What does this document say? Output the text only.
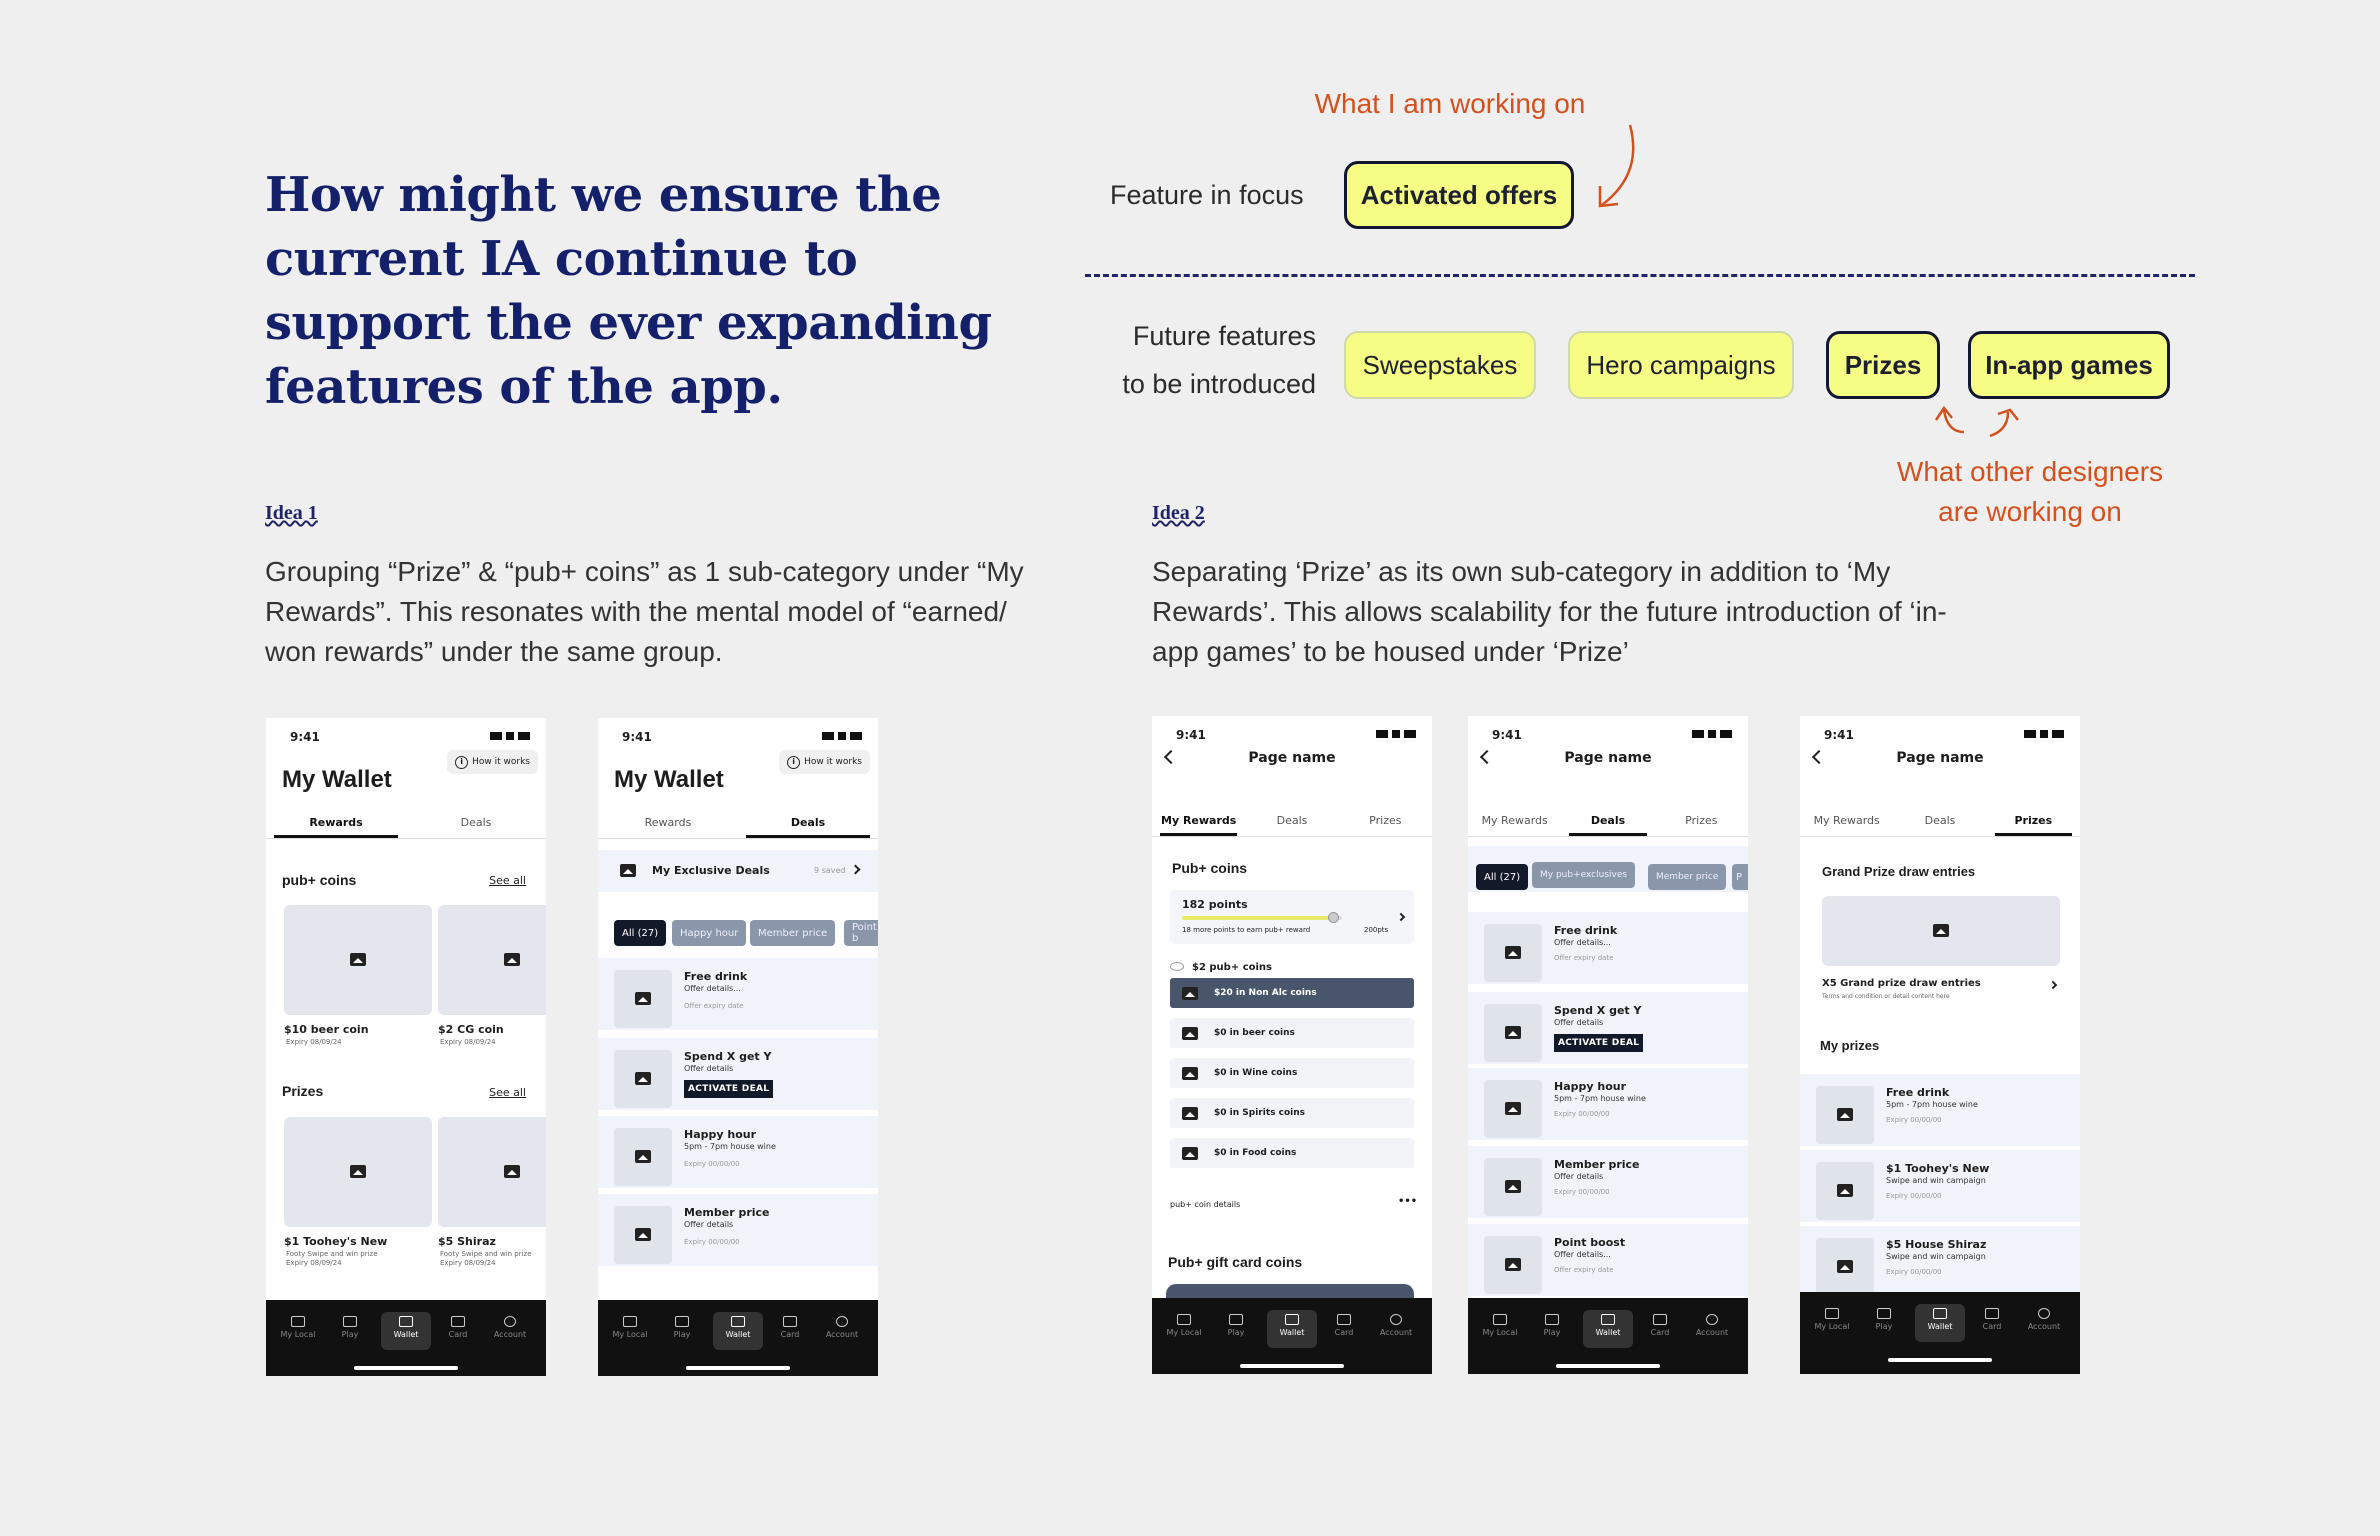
How might we ensure the current IA continue to support the ever expanding features of the app.
What I am working on
Feature in focus	Activated offers
Future features
to be introduced
Sweepstakes	Hero campaigns	Prizes	In-app games
What other designers
are working on
Idea 1
Grouping “Prize” & “pub+ coins” as 1 sub-category under “My Rewards”. This resonates with the mental model of “earned/ won rewards” under the same group.
Idea 2
Separating ‘Prize’ as its own sub-category in addition to ‘My Rewards’. This allows scalability for the future introduction of ‘in-app games’ to be housed under ‘Prize’
9:41
My Wallet
i	How it works
Rewards	Deals
pub+ coins	See all
$10 beer coin
Expiry 08/09/24
$2 CG coin
Expiry 08/09/24
Prizes	See all
$1 Toohey's New
Footy Swipe and win prize
Expiry 08/09/24
$5 Shiraz
Footy Swipe and win prize
Expiry 08/09/24
My Local	Play	Wallet	Card	Account
9:41
My Wallet
i	How it works
Rewards	Deals
My Exclusive Deals	9 saved
All (27)	Happy hour	Member price	Point b
Free drink
Offer details...
Offer expiry date
Spend X get Y
Offer details
ACTIVATE DEAL
Happy hour
5pm - 7pm house wine
Expiry 00/00/00
Member price
Offer details
Expiry 00/00/00
My Local	Play	Wallet	Card	Account
9:41
Page name
My Rewards	Deals	Prizes
Pub+ coins
182 points
18 more points to earn pub+ reward	200pts
$2 pub+ coins
$20 in Non Alc coins
$0 in beer coins
$0 in Wine coins
$0 in Spirits coins
$0 in Food coins
pub+ coin details	•••
Pub+ gift card coins
My Local	Play	Wallet	Card	Account
9:41
Page name
My Rewards	Deals	Prizes
All (27)	My pub+exclusives	Member price	P
Free drink
Offer details...
Offer expiry date
Spend X get Y
Offer details
ACTIVATE DEAL
Happy hour
5pm - 7pm house wine
Expiry 00/00/00
Member price
Offer details
Expiry 00/00/00
Point boost
Offer details...
Offer expiry date
My Local	Play	Wallet	Card	Account
9:41
Page name
My Rewards	Deals	Prizes
Grand Prize draw entries
X5 Grand prize draw entries
Terms and condition or detail content here
My prizes
Free drink
5pm - 7pm house wine
Expiry 00/00/00
$1 Toohey's New
Swipe and win campaign
Expiry 00/00/00
$5 House Shiraz
Swipe and win campaign
Expiry 00/00/00
My Local	Play	Wallet	Card	Account
